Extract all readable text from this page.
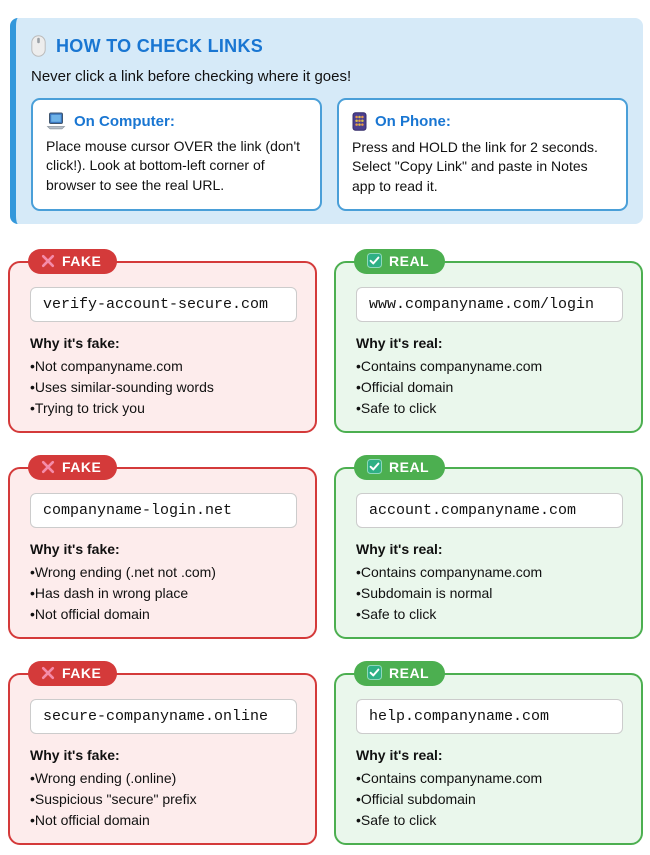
HOW TO CHECK LINKS
Never click a link before checking where it goes!
On Computer:
Place mouse cursor OVER the link (don't click!). Look at bottom-left corner of browser to see the real URL.
On Phone:
Press and HOLD the link for 2 seconds. Select "Copy Link" and paste in Notes app to read it.
FAKE
verify-account-secure.com
Why it's fake:
• Not companyname.com
• Uses similar-sounding words
• Trying to trick you
REAL
www.companyname.com/login
Why it's real:
• Contains companyname.com
• Official domain
• Safe to click
FAKE
companyname-login.net
Why it's fake:
• Wrong ending (.net not .com)
• Has dash in wrong place
• Not official domain
REAL
account.companyname.com
Why it's real:
• Contains companyname.com
• Subdomain is normal
• Safe to click
FAKE
secure-companyname.online
Why it's fake:
• Wrong ending (.online)
• Suspicious "secure" prefix
• Not official domain
REAL
help.companyname.com
Why it's real:
• Contains companyname.com
• Official subdomain
• Safe to click
